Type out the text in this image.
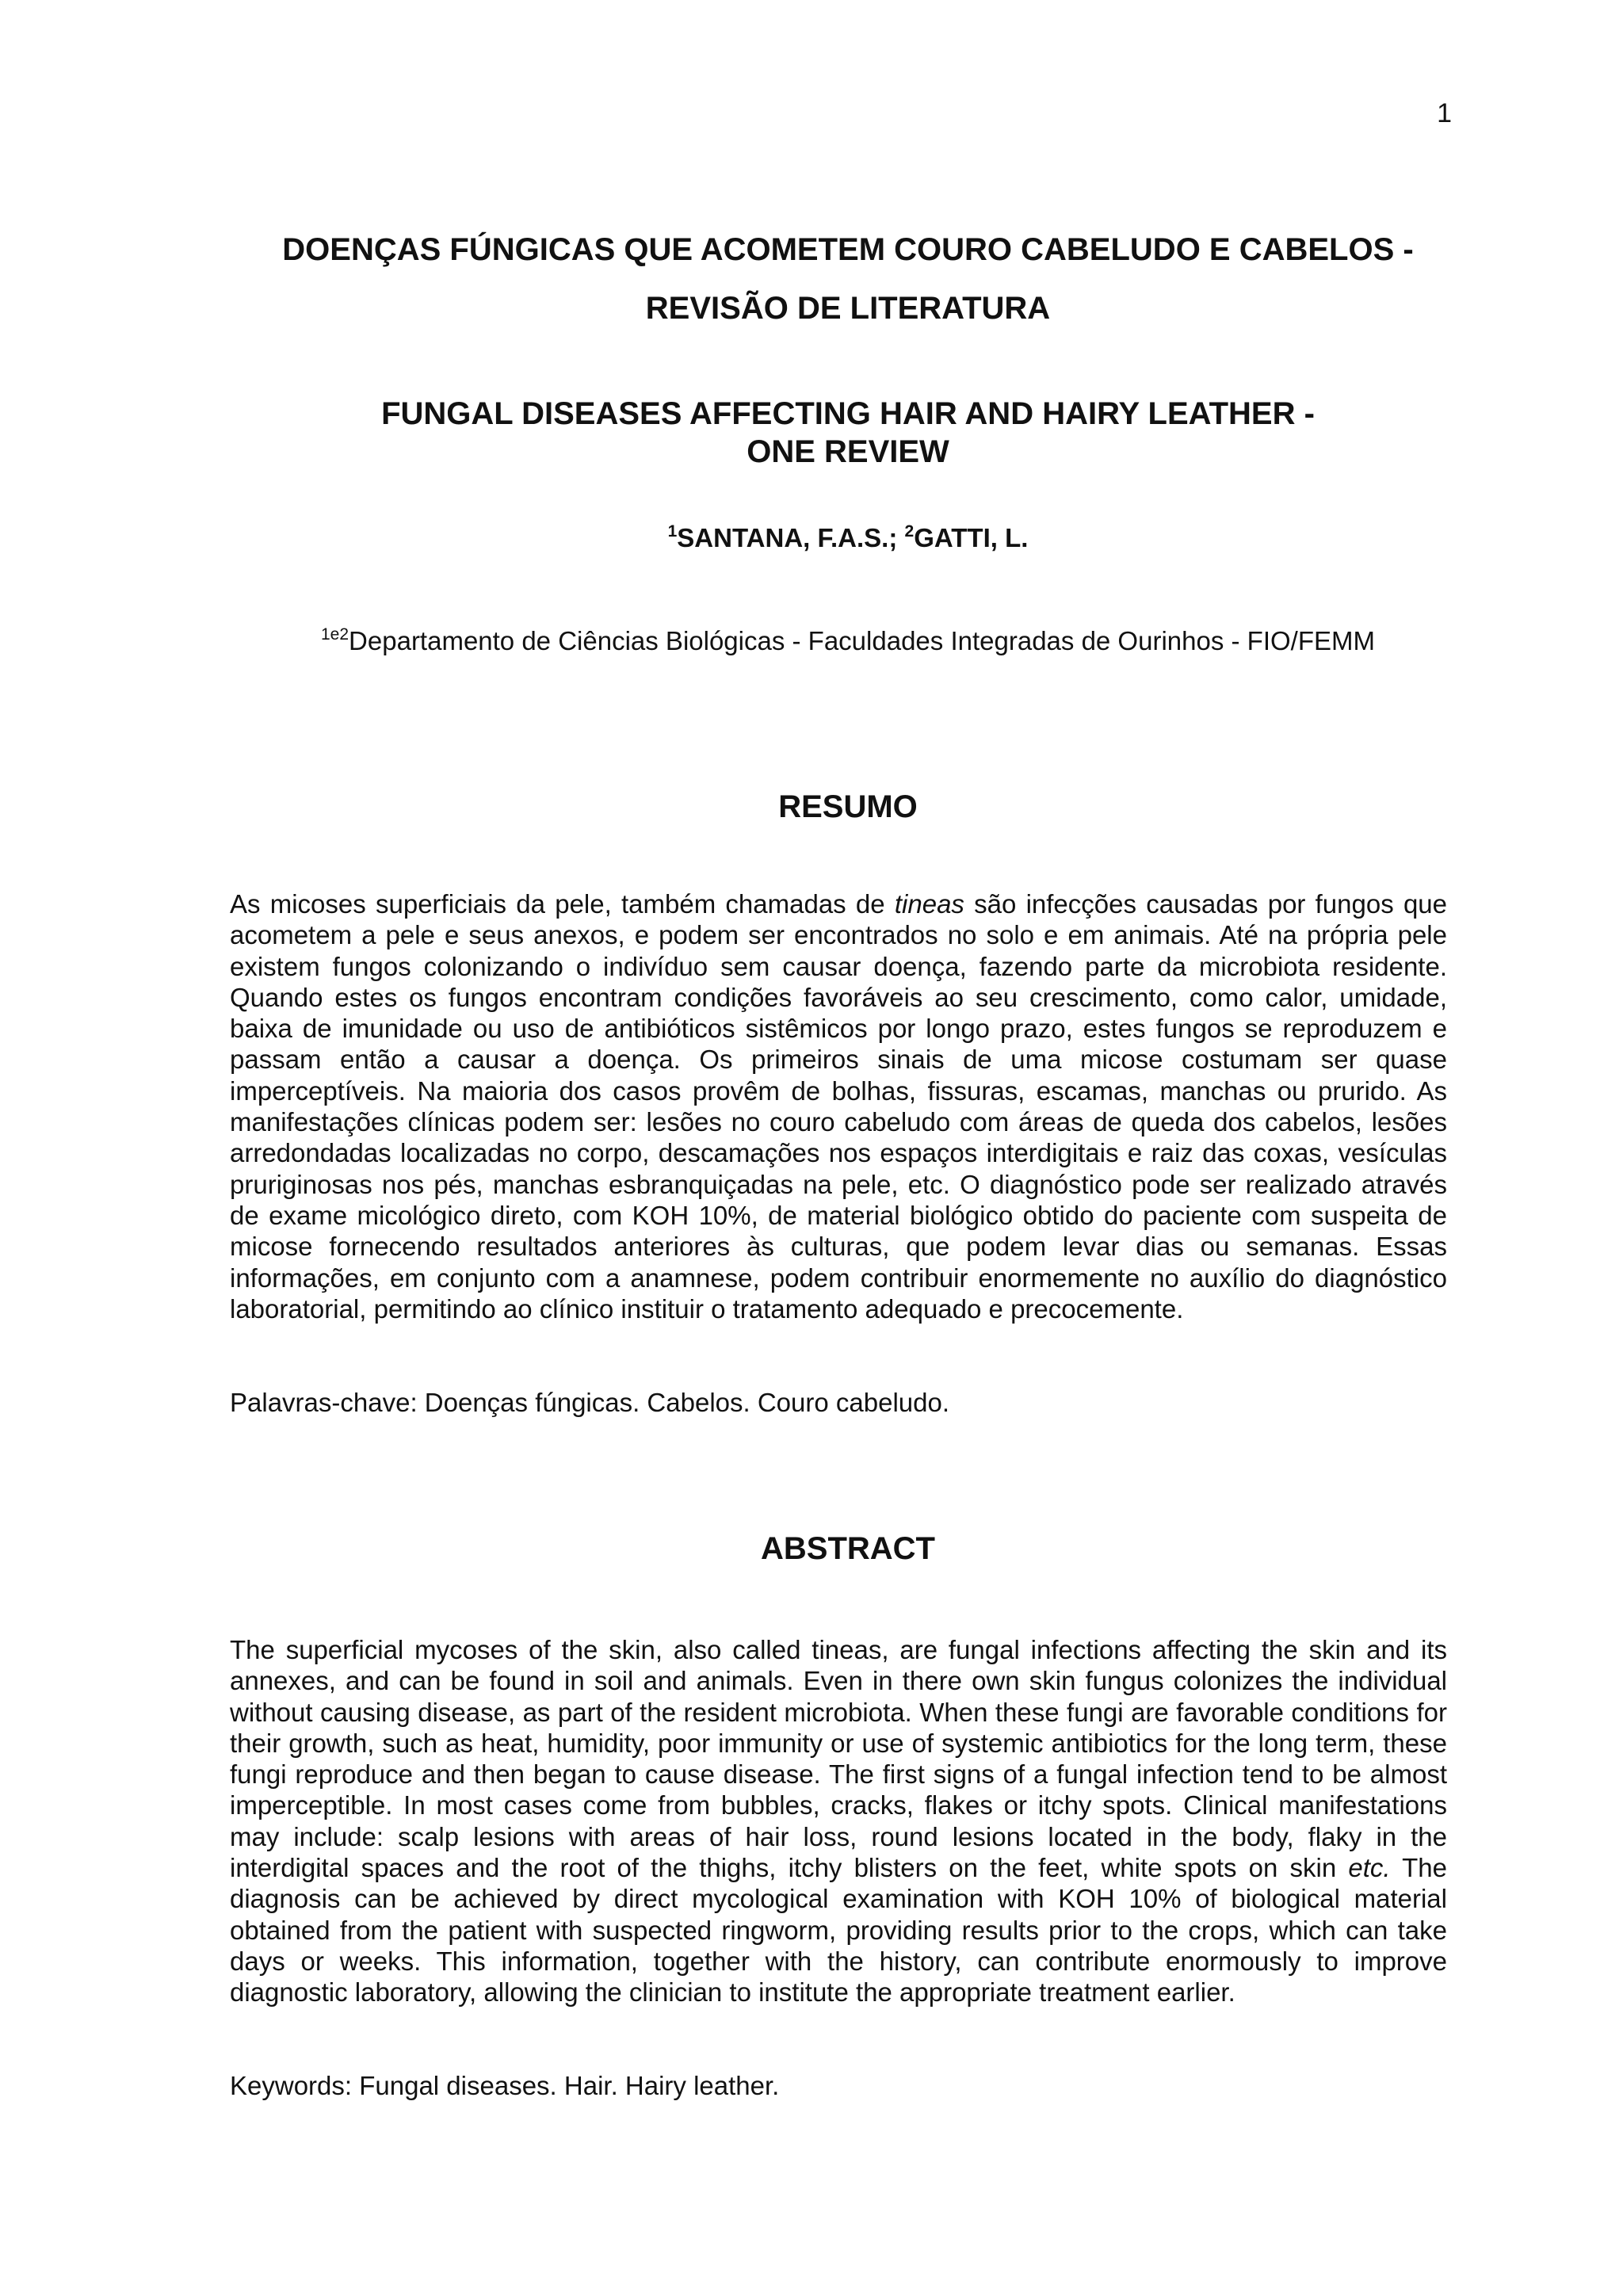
1
DOENÇAS FÚNGICAS QUE ACOMETEM COURO CABELUDO E CABELOS -
REVISÃO DE LITERATURA
FUNGAL DISEASES AFFECTING HAIR AND HAIRY LEATHER -
ONE REVIEW
$^1$SANTANA, F.A.S.; $^2$GATTI, L.
$^{1e2}$Departamento de Ciências Biológicas - Faculdades Integradas de Ourinhos - FIO/FEMM
RESUMO

As micoses superficiais da pele, também chamadas de tineas são infecções causadas por fungos que acometem a pele e seus anexos, e podem ser encontrados no solo e em animais. Até na própria pele existem fungos colonizando o indivíduo sem causar doença, fazendo parte da microbiota residente. Quando estes os fungos encontram condições favoráveis ao seu crescimento, como calor, umidade, baixa de imunidade ou uso de antibióticos sistêmicos por longo prazo, estes fungos se reproduzem e passam então a causar a doença. Os primeiros sinais de uma micose costumam ser quase imperceptíveis. Na maioria dos casos provêm de bolhas, fissuras, escamas, manchas ou prurido. As manifestações clínicas podem ser: lesões no couro cabeludo com áreas de queda dos cabelos, lesões arredondadas localizadas no corpo, descamações nos espaços interdigitais e raiz das coxas, vesículas pruriginosas nos pés, manchas esbranquiçadas na pele, etc. O diagnóstico pode ser realizado através de exame micológico direto, com KOH 10%, de material biológico obtido do paciente com suspeita de micose fornecendo resultados anteriores às culturas, que podem levar dias ou semanas. Essas informações, em conjunto com a anamnese, podem contribuir enormemente no auxílio do diagnóstico laboratorial, permitindo ao clínico instituir o tratamento adequado e precocemente.

Palavras-chave: Doenças fúngicas. Cabelos. Couro cabeludo.

ABSTRACT

The superficial mycoses of the skin, also called tineas, are fungal infections affecting the skin and its annexes, and can be found in soil and animals. Even in there own skin fungus colonizes the individual without causing disease, as part of the resident microbiota. When these fungi are favorable conditions for their growth, such as heat, humidity, poor immunity or use of systemic antibiotics for the long term, these fungi reproduce and then began to cause disease. The first signs of a fungal infection tend to be almost imperceptible. In most cases come from bubbles, cracks, flakes or itchy spots. Clinical manifestations may include: scalp lesions with areas of hair loss, round lesions located in the body, flaky in the interdigital spaces and the root of the thighs, itchy blisters on the feet, white spots on skin etc. The diagnosis can be achieved by direct mycological examination with KOH 10% of biological material obtained from the patient with suspected ringworm, providing results prior to the crops, which can take days or weeks. This information, together with the history, can contribute enormously to improve diagnostic laboratory, allowing the clinician to institute the appropriate treatment earlier.

Keywords: Fungal diseases. Hair. Hairy leather.
